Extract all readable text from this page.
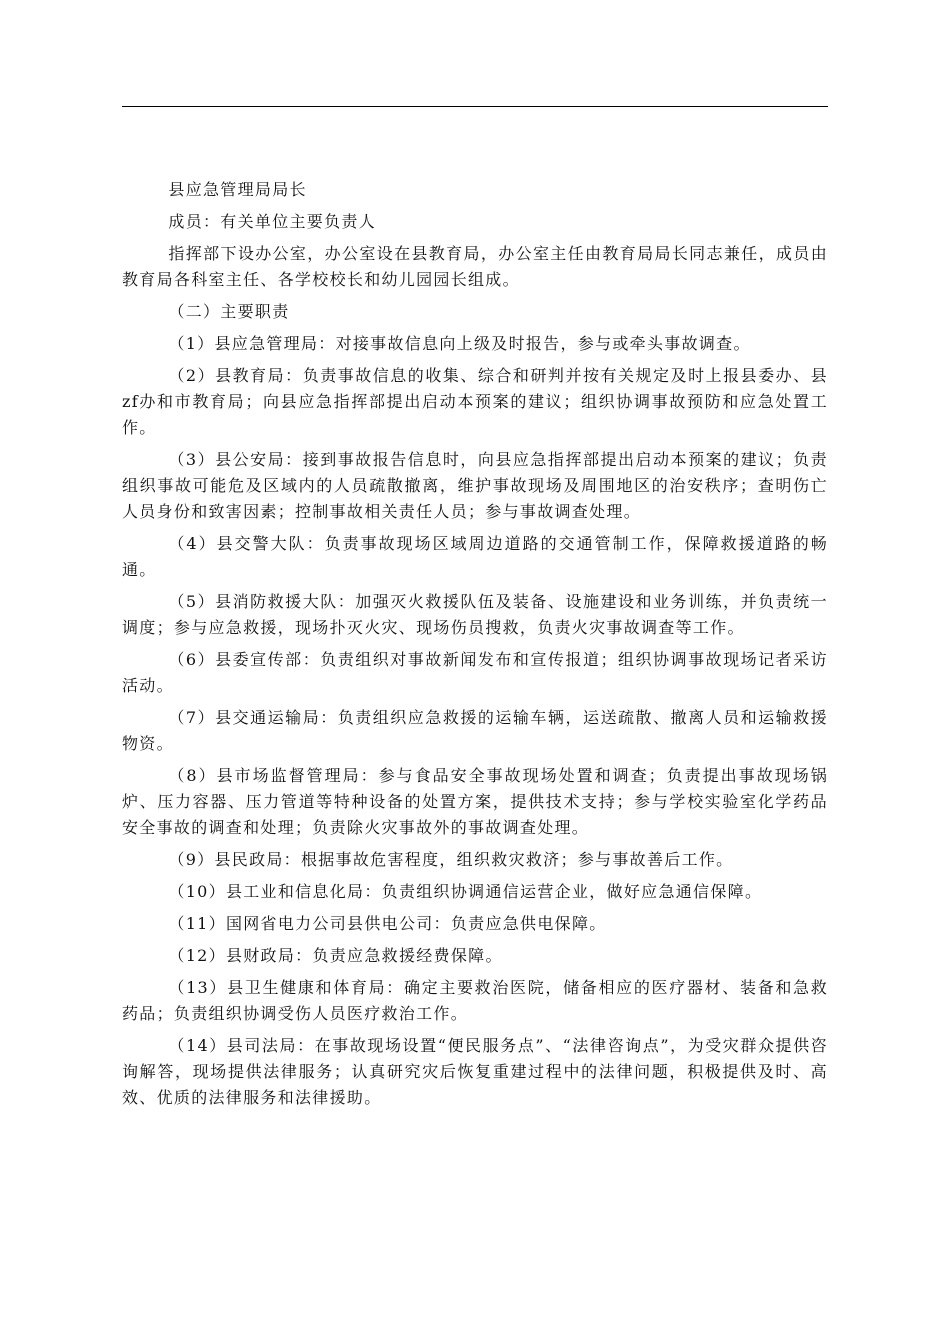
县应急管理局局长

成员：有关单位主要负责人

指挥部下设办公室，办公室设在县教育局，办公室主任由教育局局长同志兼任，成员由教育局各科室主任、各学校校长和幼儿园园长组成。

（二）主要职责

（1）县应急管理局：对接事故信息向上级及时报告，参与或牵头事故调查。

（2）县教育局：负责事故信息的收集、综合和研判并按有关规定及时上报县委办、县zf办和市教育局；向县应急指挥部提出启动本预案的建议；组织协调事故预防和应急处置工作。

（3）县公安局：接到事故报告信息时，向县应急指挥部提出启动本预案的建议；负责组织事故可能危及区域内的人员疏散撤离，维护事故现场及周围地区的治安秩序；查明伤亡人员身份和致害因素；控制事故相关责任人员；参与事故调查处理。

（4）县交警大队：负责事故现场区域周边道路的交通管制工作，保障救援道路的畅通。

（5）县消防救援大队：加强灭火救援队伍及装备、设施建设和业务训练，并负责统一调度；参与应急救援，现场扑灭火灾、现场伤员搜救，负责火灾事故调查等工作。

（6）县委宣传部：负责组织对事故新闻发布和宣传报道；组织协调事故现场记者采访活动。

（7）县交通运输局：负责组织应急救援的运输车辆，运送疏散、撤离人员和运输救援物资。

（8）县市场监督管理局：参与食品安全事故现场处置和调查；负责提出事故现场锅炉、压力容器、压力管道等特种设备的处置方案，提供技术支持；参与学校实验室化学药品安全事故的调查和处理；负责除火灾事故外的事故调查处理。

（9）县民政局：根据事故危害程度，组织救灾救济；参与事故善后工作。

（10）县工业和信息化局：负责组织协调通信运营企业，做好应急通信保障。

（11）国网省电力公司县供电公司：负责应急供电保障。

（12）县财政局：负责应急救援经费保障。

（13）县卫生健康和体育局：确定主要救治医院，储备相应的医疗器材、装备和急救药品；负责组织协调受伤人员医疗救治工作。

（14）县司法局：在事故现场设置“便民服务点”、“法律咨询点”，为受灾群众提供咨询解答，现场提供法律服务；认真研究灾后恢复重建过程中的法律问题，积极提供及时、高效、优质的法律服务和法律援助。
